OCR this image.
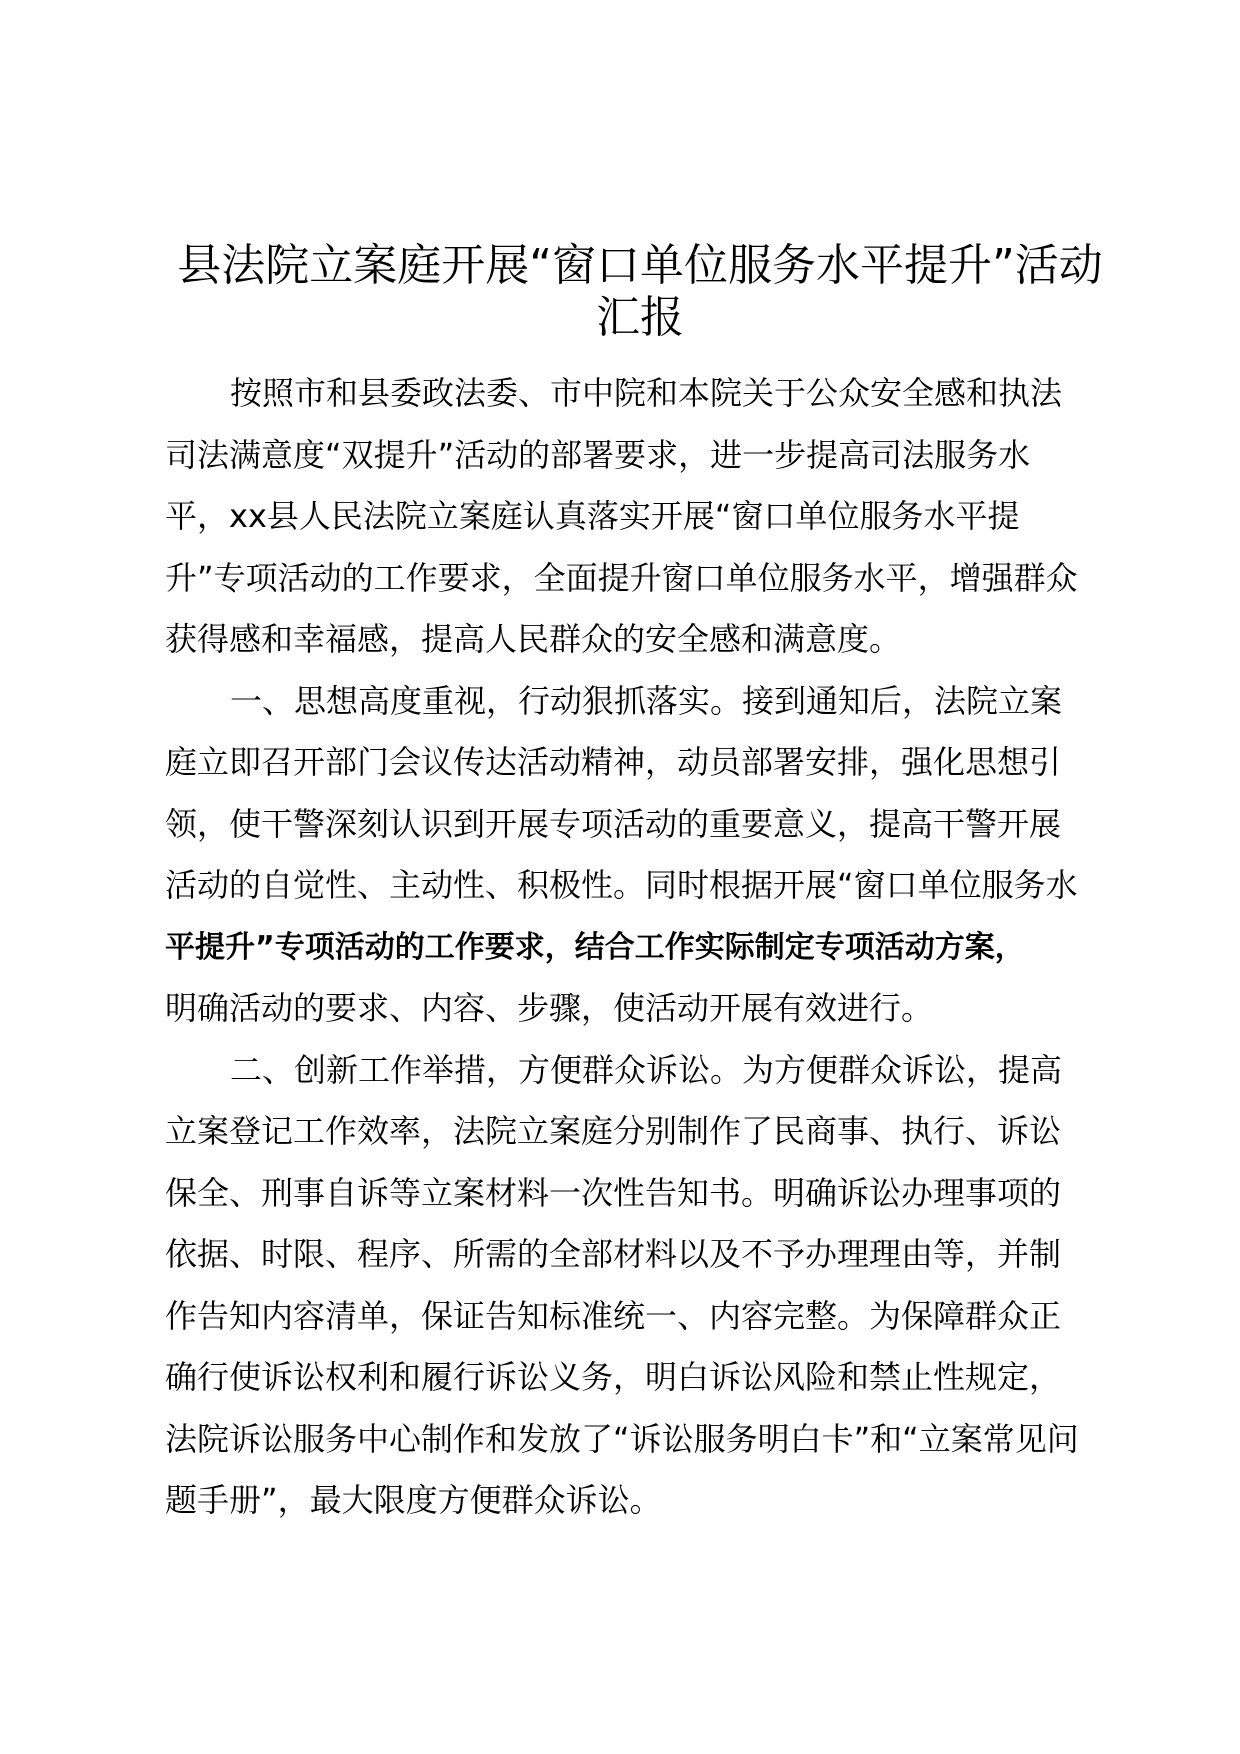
县法院立案庭开展“窗口单位服务水平提升”活动
汇报

按照市和县委政法委、市中院和本院关于公众安全感和执法
司法满意度“双提升”活动的部署要求，进一步提高司法服务水
平，xx县人民法院立案庭认真落实开展“窗口单位服务水平提
升”专项活动的工作要求，全面提升窗口单位服务水平，增强群众
获得感和幸福感，提高人民群众的安全感和满意度。

一、思想高度重视，行动狠抓落实。接到通知后，法院立案
庭立即召开部门会议传达活动精神，动员部署安排，强化思想引
领，使干警深刻认识到开展专项活动的重要意义，提高干警开展
活动的自觉性、主动性、积极性。同时根据开展“窗口单位服务水
平提升”专项活动的工作要求，结合工作实际制定专项活动方案，
明确活动的要求、内容、步骤，使活动开展有效进行。

二、创新工作举措，方便群众诉讼。为方便群众诉讼，提高
立案登记工作效率，法院立案庭分别制作了民商事、执行、诉讼
保全、刑事自诉等立案材料一次性告知书。明确诉讼办理事项的
依据、时限、程序、所需的全部材料以及不予办理理由等，并制
作告知内容清单，保证告知标准统一、内容完整。为保障群众正
确行使诉讼权利和履行诉讼义务，明白诉讼风险和禁止性规定，
法院诉讼服务中心制作和发放了“诉讼服务明白卡”和“立案常见问
题手册”，最大限度方便群众诉讼。
